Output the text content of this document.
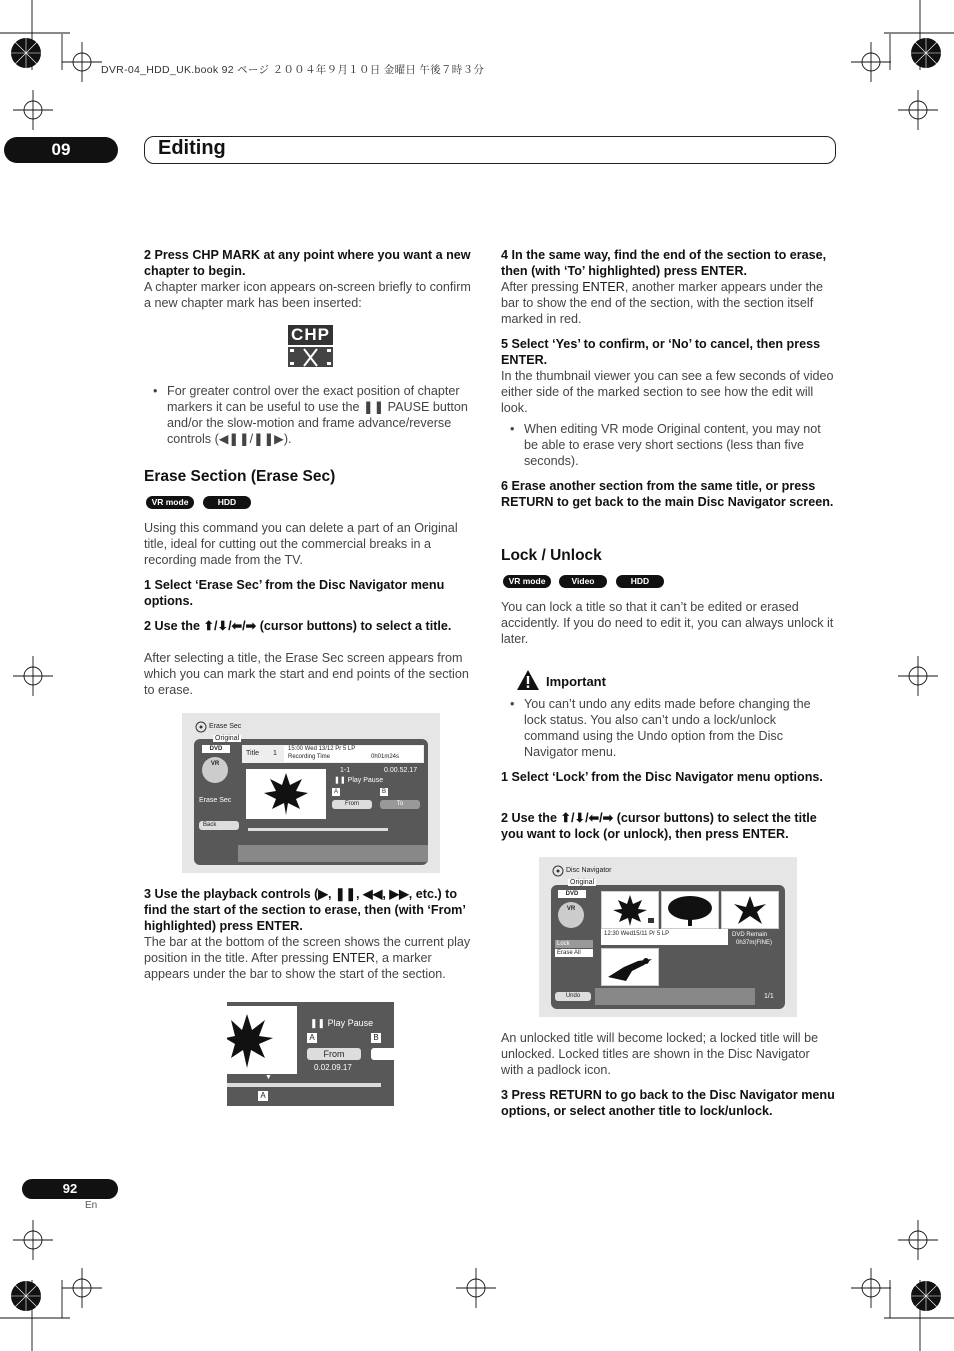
DVR-04_HDD_UK.book 92 ページ ２００４年９月１０日 金曜日 午後７時３分
09	Editing
2 Press CHP MARK at any point where you want a new chapter to begin.
A chapter marker icon appears on-screen briefly to confirm a new chapter mark has been inserted:
CHP
• For greater control over the exact position of chapter markers it can be useful to use the ❚❚ PAUSE button and/or the slow-motion and frame advance/reverse controls (◀❚❚/❚❚▶).
Erase Section (Erase Sec)
VR mode	HDD
Using this command you can delete a part of an Original title, ideal for cutting out the commercial breaks in a recording made from the TV.
1 Select ‘Erase Sec’ from the Disc Navigator menu options.
2 Use the ⬆/⬇/⬅/➡ (cursor buttons) to select a title.
After selecting a title, the Erase Sec screen appears from which you can mark the start and end points of the section to erase.
Erase Sec
Original
DVD
VR
Title 1
15:00 Wed 13/12 Pr 5 LP
Recording Time	0h01m24s
1-1	0.00.52.17
❚❚ Play Pause
Erase Sec
A	B
From	To
Back
3 Use the playback controls (▶, ❚❚, ◀◀, ▶▶, etc.) to find the start of the section to erase, then (with ‘From’ highlighted) press ENTER.
The bar at the bottom of the screen shows the current play position in the title. After pressing ENTER, a marker appears under the bar to show the start of the section.
❚❚ Play Pause
A	B
From
0.02.09.17
▼
A
4 In the same way, find the end of the section to erase, then (with ‘To’ highlighted) press ENTER.
After pressing ENTER, another marker appears under the bar to show the end of the section, with the section itself marked in red.
5 Select ‘Yes’ to confirm, or ‘No’ to cancel, then press ENTER.
In the thumbnail viewer you can see a few seconds of video either side of the marked section to see how the edit will look.
• When editing VR mode Original content, you may not be able to erase very short sections (less than five seconds).
6 Erase another section from the same title, or press RETURN to get back to the main Disc Navigator screen.
Lock / Unlock
VR mode	Video mode
HDD
You can lock a title so that it can’t be edited or erased accidently. If you do need to edit it, you can always unlock it later.
Important
• You can’t undo any edits made before changing the lock status. You also can’t undo a lock/unlock command using the Undo option from the Disc Navigator menu.
1 Select ‘Lock’ from the Disc Navigator menu options.
2 Use the ⬆/⬇/⬅/➡ (cursor buttons) to select the title you want to lock (or unlock), then press ENTER.
Disc Navigator
Original
DVD
VR
Lock
Erase All
Undo
1	2	3
12:30 Wed15/11 Pr 5 LP	DVD Remain
0h37m(FINE)
4
1/1
An unlocked title will become locked; a locked title will be unlocked. Locked titles are shown in the Disc Navigator with a padlock icon.
3 Press RETURN to go back to the Disc Navigator menu options, or select another title to lock/unlock.
92
En
